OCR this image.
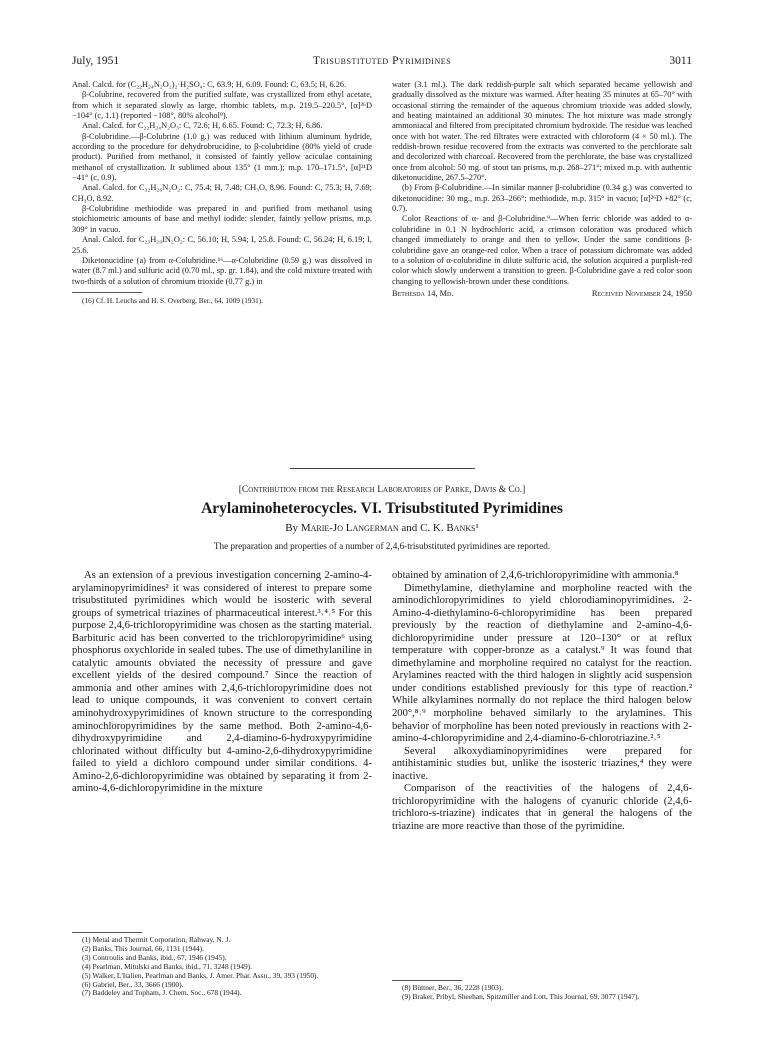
July, 1951	Trisubstituted Pyrimidines	3011

Anal. Calcd. for (C₂₂H₂₄N₂O₂)₂·H₂SO₄: C, 63.9; H, 6.09. Found: C, 63.5; H, 6.26.

β-Colubrine, recovered from the purified sulfate, was crystallized from ethyl acetate, from which it separated slowly as large, rhombic tablets, m.p. 219.5–220.5°, [α]²⁶D −104° (c, 1.1) (reported −108°, 80% alcohol⁹).

Anal. Calcd. for C₂₂H₂₄N₂O₃: C, 72.6; H, 6.65. Found: C, 72.3; H, 6.86.

β-Colubridine.—β-Colubrine (1.0 g.) was reduced with lithium aluminum hydride, according to the procedure for dehydrobrucidine, to β-colubridine (80% yield of crude product). Purified from methanol, it consisted of faintly yellow aciculae containing methanol of crystallization. It sublimed about 135° (1 mm.); m.p. 170–171.5°, [α]²¹D −41° (c, 0.9).

Anal. Calcd. for C₂₂H₂₆N₂O₂: C, 75.4; H, 7.48; CH₃O, 8.96. Found: C, 75.3; H, 7.69; CH₃O, 8.92.

β-Colubridine methiodide was prepared in and purified from methanol using stoichiometric amounts of base and methyl iodide: slender, faintly yellow prisms, m.p. 309° in vacuo.

Anal. Calcd. for C₂₃H₂₉IN₂O₂: C, 56.10; H, 5.94; I, 25.8. Found: C, 56.24; H, 6.19; I, 25.6.

Diketonucidine (a) from α-Colubridine.¹⁶—α-Colubridine (0.59 g.) was dissolved in water (8.7 ml.) and sulfuric acid (0.70 ml., sp. gr. 1.84), and the cold mixture treated with two-thirds of a solution of chromium trioxide (0.77 g.) in

(16) Cf. H. Leuchs and H. S. Overberg, Ber., 64, 1009 (1931).

water (3.1 ml.). The dark reddish-purple salt which separated became yellowish and gradually dissolved as the mixture was warmed. After heating 35 minutes at 65–70° with occasional stirring the remainder of the aqueous chromium trioxide was added slowly, and heating maintained an additional 30 minutes. The hot mixture was made strongly ammoniacal and filtered from precipitated chromium hydroxide. The residue was leached once with hot water. The red filtrates were extracted with chloroform (4 × 50 ml.). The reddish-brown residue recovered from the extracts was converted to the perchlorate salt and decolorized with charcoal. Recovered from the perchlorate, the base was crystallized once from alcohol: 50 mg. of stout tan prisms, m.p. 268–271°; mixed m.p. with authentic diketonucidine, 267.5–270°.

(b) From β-Colubridine.—In similar manner β-colubridine (0.34 g.) was converted to diketonucidine: 30 mg., m.p. 263–266°; methiodide, m.p. 315° in vacuo; [α]²⁶D +82° (c, 0.7).

Color Reactions of α- and β-Colubridine.⁹—When ferric chloride was added to α-colubridine in 0.1 N hydrochloric acid, a crimson coloration was produced which changed immediately to orange and then to yellow. Under the same conditions β-colubridine gave an orange-red color. When a trace of potassium dichromate was added to a solution of α-colubridine in dilute sulfuric acid, the solution acquired a purplish-red color which slowly underwent a transition to green. β-Colubridine gave a red color soon changing to yellowish-brown under these conditions.

Bethesda 14, Md.	Received November 24, 1950
[Contribution from the Research Laboratories of Parke, Davis & Co.]
Arylaminoheterocycles. VI. Trisubstituted Pyrimidines
By Marie-Jo Langerman and C. K. Banks¹
The preparation and properties of a number of 2,4,6-trisubstituted pyrimidines are reported.

As an extension of a previous investigation concerning 2-amino-4-arylaminopyrimidines² it was considered of interest to prepare some trisubstituted pyrimidines which would be isosteric with several groups of symetrical triazines of pharmaceutical interest.³˒⁴˒⁵ For this purpose 2,4,6-trichloropyrimidine was chosen as the starting material. Barbituric acid has been converted to the trichloropyrimidine⁶ using phosphorus oxychloride in sealed tubes. The use of dimethylaniline in catalytic amounts obviated the necessity of pressure and gave excellent yields of the desired compound.⁷ Since the reaction of ammonia and other amines with 2,4,6-trichloropyrimidine does not lead to unique compounds, it was convenient to convert certain aminohydroxypyrimidines of known structure to the corresponding aminochloropyrimidines by the same method. Both 2-amino-4,6-dihydroxypyrimidine and 2,4-diamino-6-hydroxypyrimidine chlorinated without difficulty but 4-amino-2,6-dihydroxypyrimidine failed to yield a dichloro compound under similar conditions. 4-Amino-2,6-dichloropyrimidine was obtained by separating it from 2-amino-4,6-dichloropyrimidine in the mixture

obtained by amination of 2,4,6-trichloropyrimidine with ammonia.⁸

Dimethylamine, diethylamine and morpholine reacted with the aminodichloropyrimidines to yield chlorodiaminopyrimidines. 2-Amino-4-diethylamino-6-chloropyrimidine has been prepared previously by the reaction of diethylamine and 2-amino-4,6-dichloropyrimidine under pressure at 120–130° or at reflux temperature with copper-bronze as a catalyst.⁹ It was found that dimethylamine and morpholine required no catalyst for the reaction. Arylamines reacted with the third halogen in slightly acid suspension under conditions established previously for this type of reaction.² While alkylamines normally do not replace the third halogen below 200°,⁸˒⁹ morpholine behaved similarly to the arylamines. This behavior of morpholine has been noted previously in reactions with 2-amino-4-chloropyrimidine and 2,4-diamino-6-chlorotriazine.²˒⁵

Several alkoxydiaminopyrimidines were prepared for antihistaminic studies but, unlike the isosteric triazines,⁴ they were inactive.

Comparison of the reactivities of the halogens of 2,4,6-trichloropyrimidine with the halogens of cyanuric chloride (2,4,6-trichloro-s-triazine) indicates that in general the halogens of the triazine are more reactive than those of the pyrimidine.

(1) Metal and Thermit Corporation, Rahway, N. J.

(2) Banks, This Journal, 66, 1131 (1944).

(3) Controulis and Banks, ibid., 67, 1946 (1945).

(4) Pearlman, Mitulski and Banks, ibid., 71, 3248 (1949).

(5) Walker, L'Italien, Pearlman and Banks, J. Amer. Phar. Assn., 39, 393 (1950).

(6) Gabriel, Ber., 33, 3666 (1900).

(7) Baddeley and Topham, J. Chem. Soc., 678 (1944).

(8) Büttner, Ber., 36, 2228 (1903).

(9) Braker, Pribyl, Sheehan, Spitzmiller and Lott, This Journal, 69, 3077 (1947).
